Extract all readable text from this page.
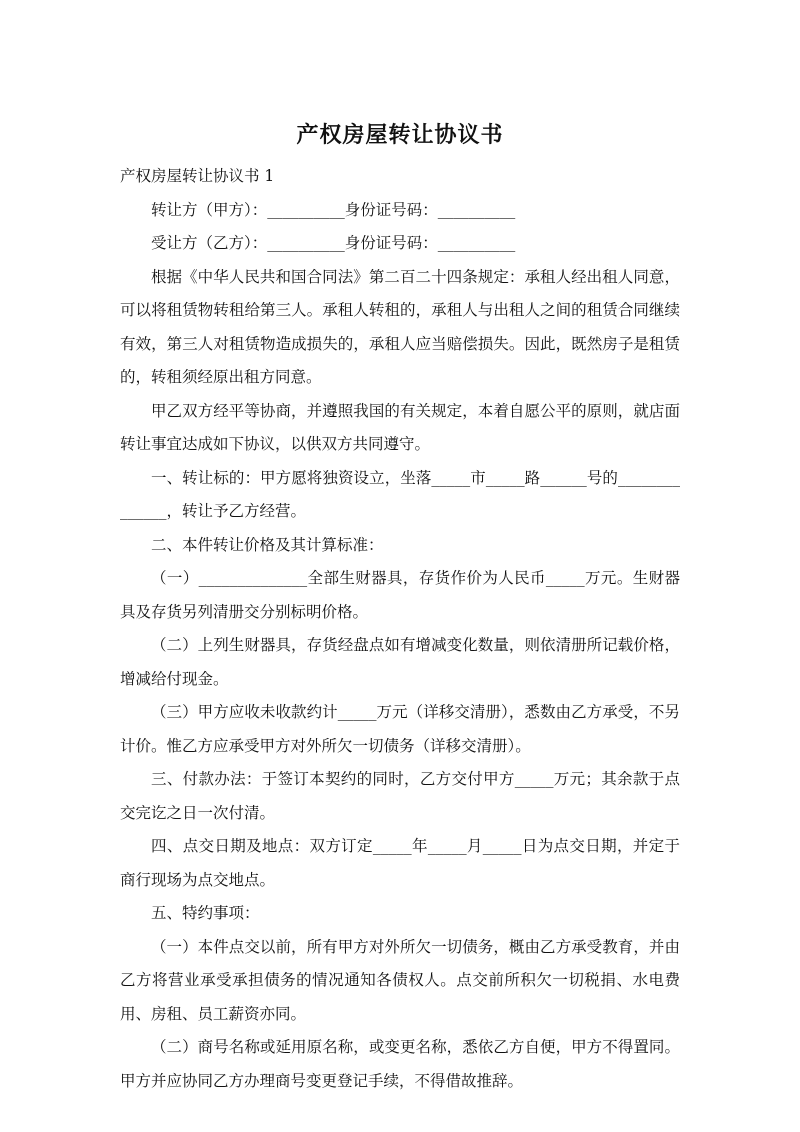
产权房屋转让协议书

产权房屋转让协议书 1

转让方（甲方）：__________身份证号码：__________

受让方（乙方）：__________身份证号码：__________

根据《中华人民共和国合同法》第二百二十四条规定：承租人经出租人同意，可以将租赁物转租给第三人。承租人转租的，承租人与出租人之间的租赁合同继续有效，第三人对租赁物造成损失的，承租人应当赔偿损失。因此，既然房子是租赁的，转租须经原出租方同意。

甲乙双方经平等协商，并遵照我国的有关规定，本着自愿公平的原则，就店面转让事宜达成如下协议，以供双方共同遵守。

一、转让标的：甲方愿将独资设立，坐落_____市_____路______号的______________，转让予乙方经营。

二、本件转让价格及其计算标准：

（一）______________全部生财器具，存货作价为人民币_____万元。生财器具及存货另列清册交分别标明价格。

（二）上列生财器具，存货经盘点如有增减变化数量，则依清册所记载价格，增减给付现金。

（三）甲方应收未收款约计_____万元（详移交清册），悉数由乙方承受，不另计价。惟乙方应承受甲方对外所欠一切债务（详移交清册）。

三、付款办法：于签订本契约的同时，乙方交付甲方_____万元；其余款于点交完讫之日一次付清。

四、点交日期及地点：双方订定_____年_____月_____日为点交日期，并定于商行现场为点交地点。

五、特约事项：

（一）本件点交以前，所有甲方对外所欠一切债务，概由乙方承受教育，并由乙方将营业承受承担债务的情况通知各债权人。点交前所积欠一切税捐、水电费用、房租、员工薪资亦同。

（二）商号名称或延用原名称，或变更名称，悉依乙方自便，甲方不得置同。甲方并应协同乙方办理商号变更登记手续，不得借故推辞。
